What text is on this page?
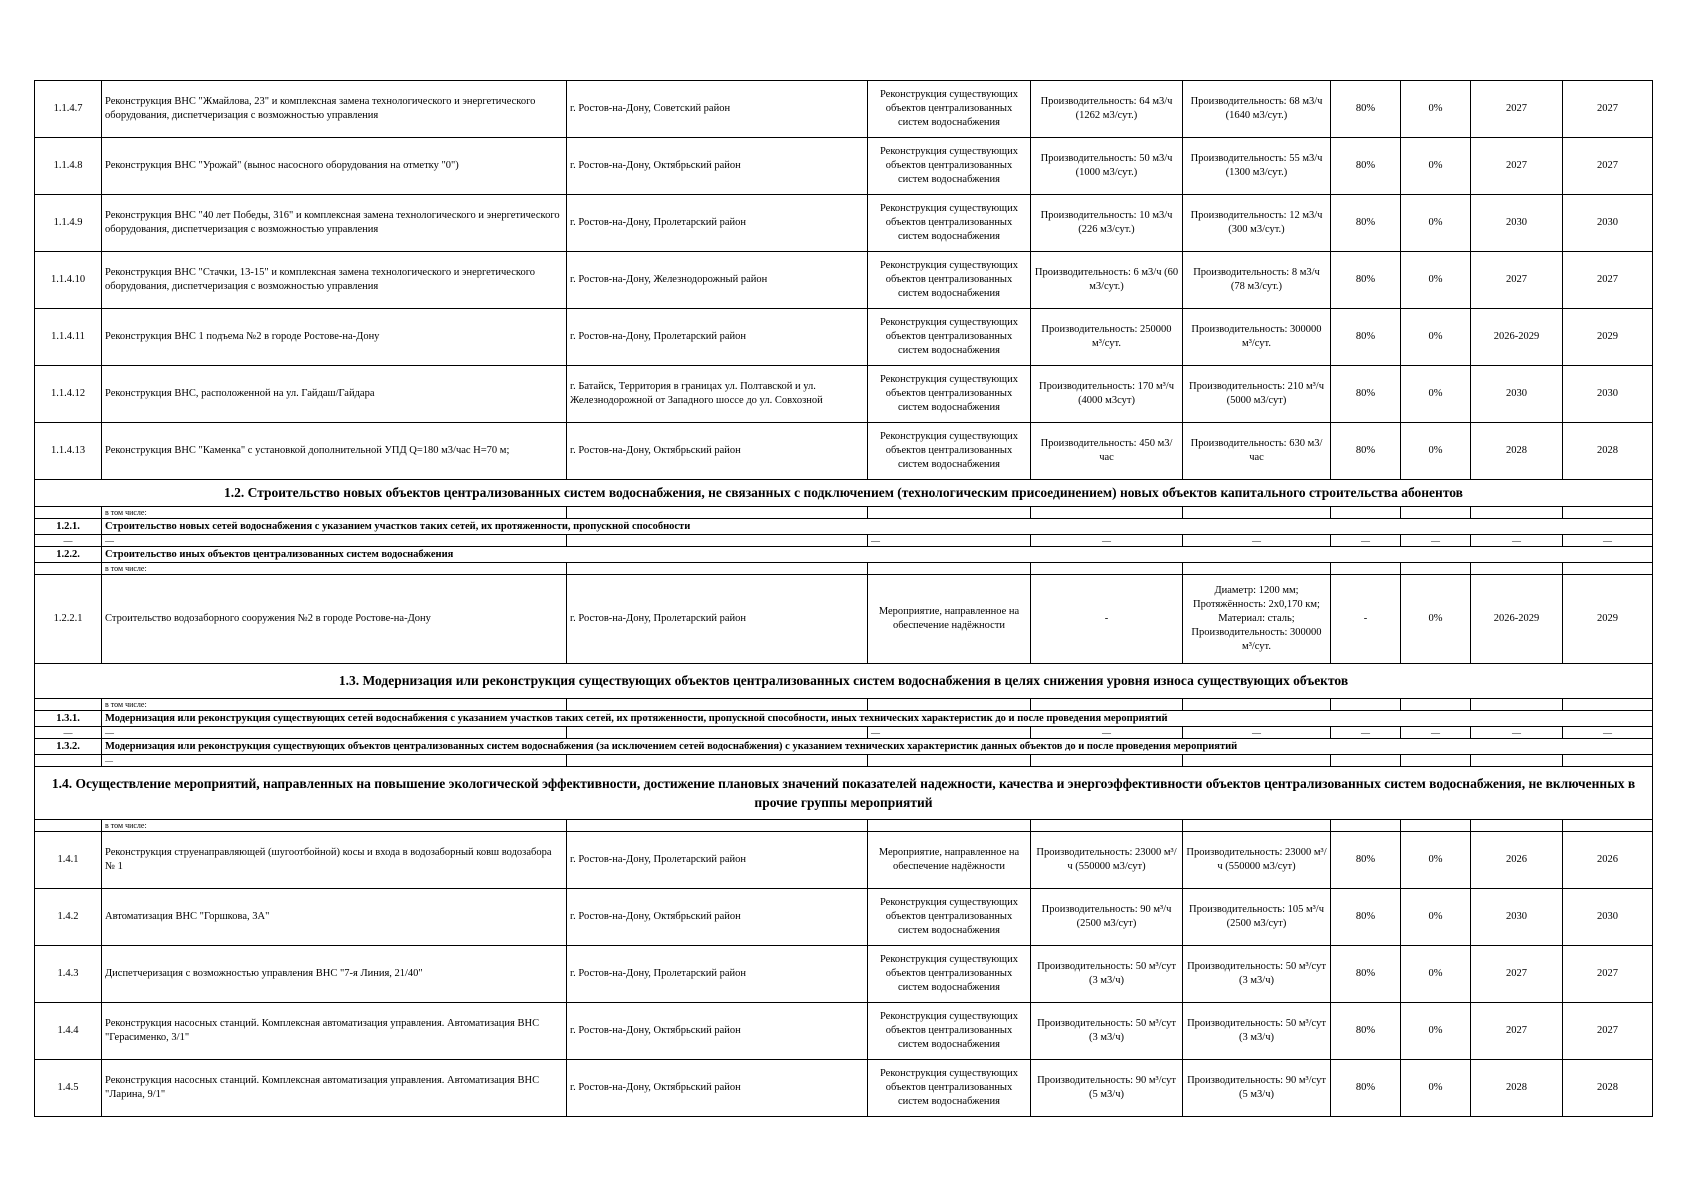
1.1.4.7	Реконструкция ВНС "Жмайлова, 23" и комплексная замена технологического и энергетического оборудования, диспетчеризация с возможностью управления	г. Ростов-на-Дону, Советский район	Реконструкция существующих объектов централизованных систем водоснабжения	Производительность: 64 м3/ч (1262 м3/сут.)	Производительность: 68 м3/ч (1640 м3/сут.)	80%	0%	2027	2027
1.1.4.8	Реконструкция ВНС "Урожай" (вынос насосного оборудования на отметку "0")	г. Ростов-на-Дону, Октябрьский район	Реконструкция существующих объектов централизованных систем водоснабжения	Производительность: 50 м3/ч (1000 м3/сут.)	Производительность: 55 м3/ч (1300 м3/сут.)	80%	0%	2027	2027
1.1.4.9	Реконструкция ВНС "40 лет Победы, 316" и комплексная замена технологического и энергетического оборудования, диспетчеризация с возможностью управления	г. Ростов-на-Дону, Пролетарский район	Реконструкция существующих объектов централизованных систем водоснабжения	Производительность: 10 м3/ч (226 м3/сут.)	Производительность: 12 м3/ч (300 м3/сут.)	80%	0%	2030	2030
1.1.4.10	Реконструкция ВНС "Стачки, 13-15" и комплексная замена технологического и энергетического оборудования, диспетчеризация с возможностью управления	г. Ростов-на-Дону, Железнодорожный район	Реконструкция существующих объектов централизованных систем водоснабжения	Производительность: 6 м3/ч (60 м3/сут.)	Производительность: 8 м3/ч (78 м3/сут.)	80%	0%	2027	2027
1.1.4.11	Реконструкция ВНС 1 подъема №2 в городе Ростове-на-Дону	г. Ростов-на-Дону, Пролетарский район	Реконструкция существующих объектов централизованных систем водоснабжения	Производительность: 250000 м³/сут.	Производительность: 300000 м³/сут.	80%	0%	2026-2029	2029
1.1.4.12	Реконструкция ВНС, расположенной на ул. Гайдаш/Гайдара	г. Батайск, Территория в границах ул. Полтавской и ул. Железнодорожной от Западного шоссе до ул. Совхозной	Реконструкция существующих объектов централизованных систем водоснабжения	Производительность: 170 м³/ч (4000 м3сут)	Производительность: 210 м³/ч (5000 м3/сут)	80%	0%	2030	2030
1.1.4.13	Реконструкция ВНС "Каменка" с установкой дополнительной УПД Q=180 м3/час Н=70 м;	г. Ростов-на-Дону, Октябрьский район	Реконструкция существующих объектов централизованных систем водоснабжения	Производительность: 450 м3/час	Производительность: 630 м3/час	80%	0%	2028	2028
1.2. Строительство новых объектов централизованных систем водоснабжения, не связанных с подключением (технологическим присоединением) новых объектов капитального строительства абонентов									
	в том числе:								
1.2.1.	Строительство новых сетей водоснабжения с указанием участков таких сетей, их протяженности, пропускной способности								
—	—		—	—	—	—	—	—	—
1.2.2.	Строительство иных объектов централизованных систем водоснабжения								
	в том числе:								
1.2.2.1	Строительство водозаборного сооружения №2 в городе Ростове-на-Дону	г. Ростов-на-Дону, Пролетарский район	Мероприятие, направленное на обеспечение надёжности	-	Диаметр: 1200 мм; Протяжённость: 2х0,170 км; Материал: сталь; Производительность: 300000 м³/сут.	-	0%	2026-2029	2029
1.3. Модернизация или реконструкция существующих объектов централизованных систем водоснабжения в целях снижения уровня износа существующих объектов									
	в том числе:								
1.3.1.	Модернизация или реконструкция существующих сетей водоснабжения с указанием участков таких сетей, их протяженности, пропускной способности, иных технических характеристик до и после проведения мероприятий								
—	—		—	—	—	—	—	—	—
1.3.2.	Модернизация или реконструкция существующих объектов централизованных систем водоснабжения (за исключением сетей водоснабжения) с указанием технических характеристик данных объектов до и после проведения мероприятий								
	—								
1.4. Осуществление мероприятий, направленных на повышение экологической эффективности, достижение плановых значений показателей надежности, качества и энергоэффективности объектов централизованных систем водоснабжения, не включенных в прочие группы мероприятий									
	в том числе:								
1.4.1	Реконструкция струенаправляющей (шугоотбойной) косы и входа в водозаборный ковш водозабора № 1	г. Ростов-на-Дону, Пролетарский район	Мероприятие, направленное на обеспечение надёжности	Производительность: 23000 м³/ч (550000 м3/сут)	Производительность: 23000 м³/ч (550000 м3/сут)	80%	0%	2026	2026
1.4.2	Автоматизация ВНС "Горшкова, 3А"	г. Ростов-на-Дону, Октябрьский район	Реконструкция существующих объектов централизованных систем водоснабжения	Производительность: 90 м³/ч (2500 м3/сут)	Производительность: 105 м³/ч (2500 м3/сут)	80%	0%	2030	2030
1.4.3	Диспетчеризация с возможностью управления ВНС "7-я Линия, 21/40"	г. Ростов-на-Дону, Пролетарский район	Реконструкция существующих объектов централизованных систем водоснабжения	Производительность: 50 м³/сут (3 м3/ч)	Производительность: 50 м³/сут (3 м3/ч)	80%	0%	2027	2027
1.4.4	Реконструкция насосных станций. Комплексная автоматизация управления. Автоматизация ВНС "Герасименко, 3/1"	г. Ростов-на-Дону, Октябрьский район	Реконструкция существующих объектов централизованных систем водоснабжения	Производительность: 50 м³/сут (3 м3/ч)	Производительность: 50 м³/сут (3 м3/ч)	80%	0%	2027	2027
1.4.5	Реконструкция насосных станций. Комплексная автоматизация управления. Автоматизация ВНС "Ларина, 9/1"	г. Ростов-на-Дону, Октябрьский район	Реконструкция существующих объектов централизованных систем водоснабжения	Производительность: 90 м³/сут (5 м3/ч)	Производительность: 90 м³/сут (5 м3/ч)	80%	0%	2028	2028
